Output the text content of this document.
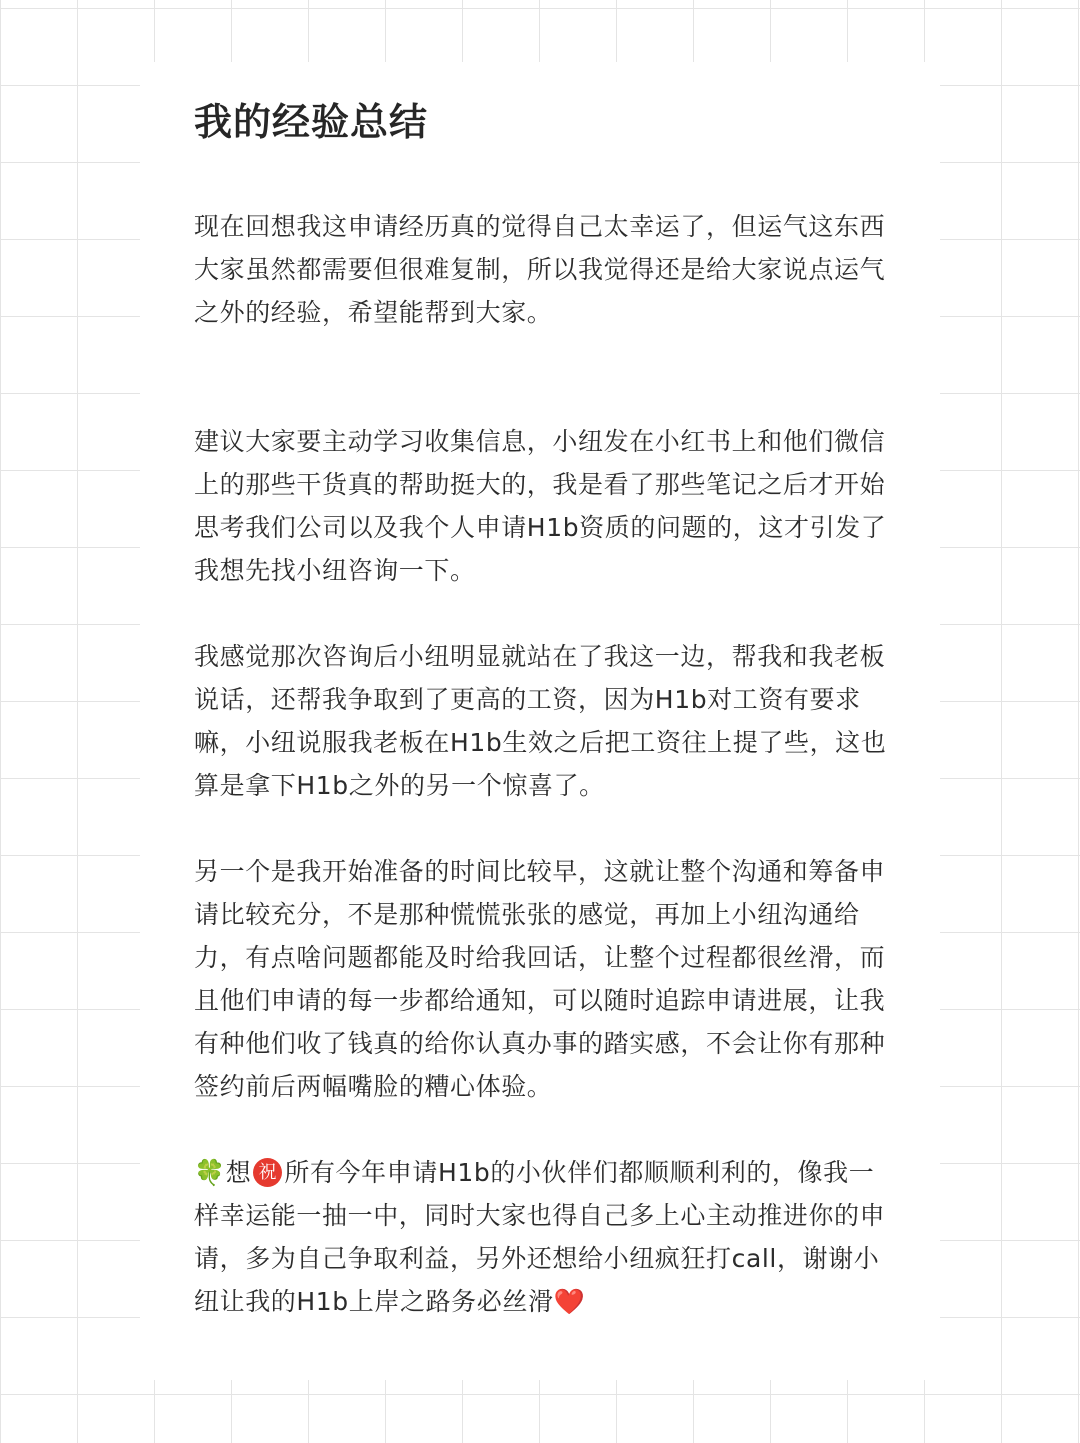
我的经验总结

现在回想我这申请经历真的觉得自己太幸运了，但运气这东西大家虽然都需要但很难复制，所以我觉得还是给大家说点运气之外的经验，希望能帮到大家。

建议大家要主动学习收集信息，小纽发在小红书上和他们微信上的那些干货真的帮助挺大的，我是看了那些笔记之后才开始思考我们公司以及我个人申请H1b资质的问题的，这才引发了我想先找小纽咨询一下。

我感觉那次咨询后小纽明显就站在了我这一边，帮我和我老板说话，还帮我争取到了更高的工资，因为H1b对工资有要求嘛，小纽说服我老板在H1b生效之后把工资往上提了些，这也算是拿下H1b之外的另一个惊喜了。

另一个是我开始准备的时间比较早，这就让整个沟通和筹备申请比较充分，不是那种慌慌张张的感觉，再加上小纽沟通给力，有点啥问题都能及时给我回话，让整个过程都很丝滑，而且他们申请的每一步都给通知，可以随时追踪申请进展，让我有种他们收了钱真的给你认真办事的踏实感，不会让你有那种签约前后两幅嘴脸的糟心体验。

🍀想 祝 所有今年申请H1b的小伙伴们都顺顺利利的，像我一样幸运能一抽一中，同时大家也得自己多上心主动推进你的申请，多为自己争取利益，另外还想给小纽疯狂打call，谢谢小纽让我的H1b上岸之路务必丝滑❤️
